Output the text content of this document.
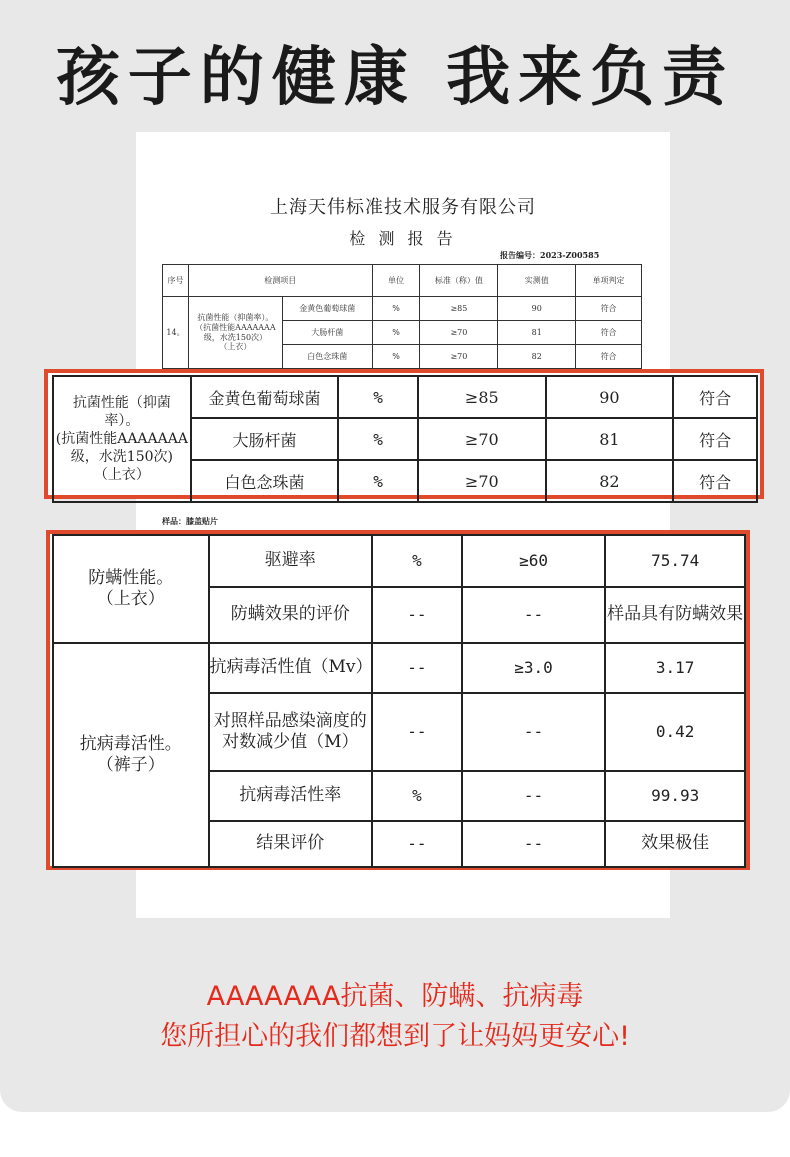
孩子的健康 我来负责
上海天伟标准技术服务有限公司
检 测 报 告
报告编号：2023-Z00585
序号	检测项目		单位	标准（称）值	实测值	单项判定
14。	抗菌性能（抑菌率）。
（抗菌性能AAAAAAA级，水洗150次）
（上衣）	金黄色葡萄球菌	%	≥85	90	符合
		大肠杆菌	%	≥70	81	符合
		白色念珠菌	%	≥70	82	符合
样品：膝盖贴片
抗菌性能（抑菌
率）。
(抗菌性能AAAAAAA
级，水洗150次)
（上衣）	金黄色葡萄球菌	%	≥85	90	符合
	大肠杆菌	%	≥70	81	符合
	白色念珠菌	%	≥70	82	符合
防螨性能。
（上衣）	驱避率	%	≥60	75.74
	防螨效果的评价	--	--	样品具有防螨效果

抗病毒活性。
（裤子）	抗病毒活性值（Mv）	--	≥3.0	3.17
	对照样品感染滴度的对数减少值（M）	--	--	0.42
	抗病毒活性率	%	--	99.93
	结果评价	--	--	效果极佳
AAAAAAA抗菌、防螨、抗病毒
您所担心的我们都想到了让妈妈更安心!
